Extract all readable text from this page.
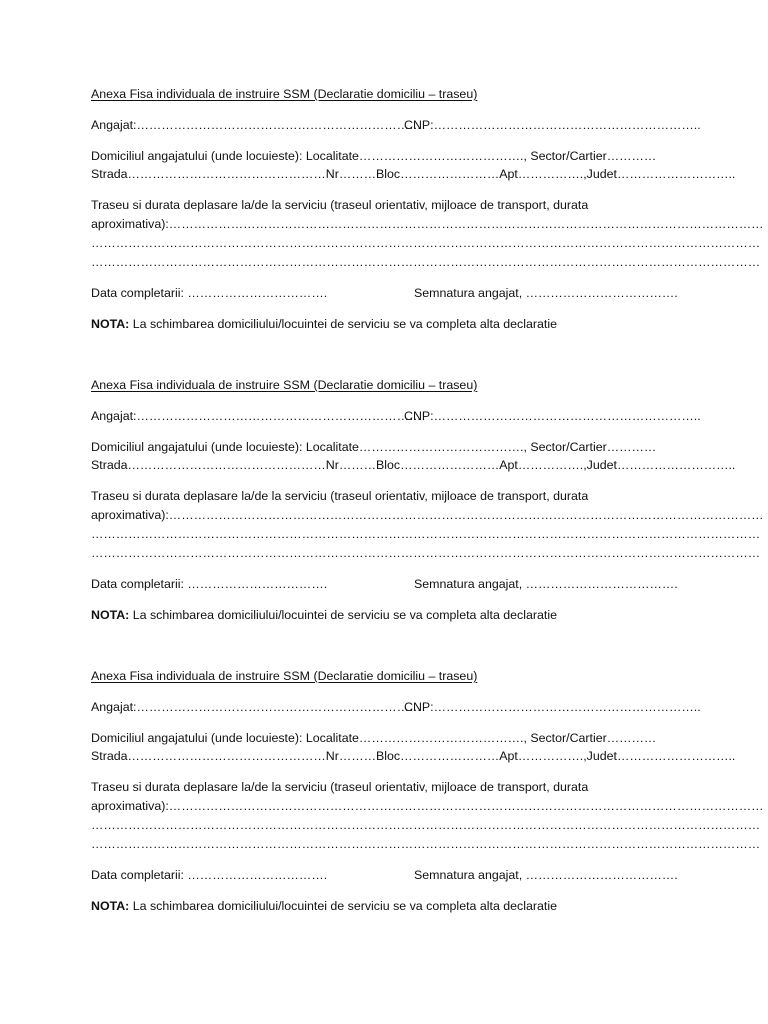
Anexa Fisa individuala de instruire SSM (Declaratie domiciliu – traseu)
Angajat:……………………………………………………………
CNP:………………………………………………………..
Domiciliul angajatului (unde locuieste): Localitate…………………………………., Sector/Cartier…………
Strada…………………………………………Nr………Bloc……………………Apt…………….,Judet………………………..
Traseu si durata deplasare la/de la serviciu (traseul orientativ, mijloace de transport, durata
aproximativa):………………………………………………………………………………………………………………………………
………………………………………………………………………………………………………………………………………………
………………………………………………………………………………………………………………………………………………
Data completarii: …………………………….	Semnatura angajat, ……………………………….
NOTA: La schimbarea domiciliului/locuintei de serviciu se va completa alta declaratie
Anexa Fisa individuala de instruire SSM (Declaratie domiciliu – traseu)
Angajat:……………………………………………………………
CNP:………………………………………………………..
Domiciliul angajatului (unde locuieste): Localitate…………………………………., Sector/Cartier…………
Strada…………………………………………Nr………Bloc……………………Apt…………….,Judet………………………..
Traseu si durata deplasare la/de la serviciu (traseul orientativ, mijloace de transport, durata
aproximativa):………………………………………………………………………………………………………………………………
………………………………………………………………………………………………………………………………………………
………………………………………………………………………………………………………………………………………………
Data completarii: …………………………….	Semnatura angajat, ……………………………….
NOTA: La schimbarea domiciliului/locuintei de serviciu se va completa alta declaratie
Anexa Fisa individuala de instruire SSM (Declaratie domiciliu – traseu)
Angajat:……………………………………………………………
CNP:………………………………………………………..
Domiciliul angajatului (unde locuieste): Localitate…………………………………., Sector/Cartier…………
Strada…………………………………………Nr………Bloc……………………Apt…………….,Judet………………………..
Traseu si durata deplasare la/de la serviciu (traseul orientativ, mijloace de transport, durata
aproximativa):………………………………………………………………………………………………………………………………
………………………………………………………………………………………………………………………………………………
………………………………………………………………………………………………………………………………………………
Data completarii: …………………………….	Semnatura angajat, ……………………………….
NOTA: La schimbarea domiciliului/locuintei de serviciu se va completa alta declaratie
